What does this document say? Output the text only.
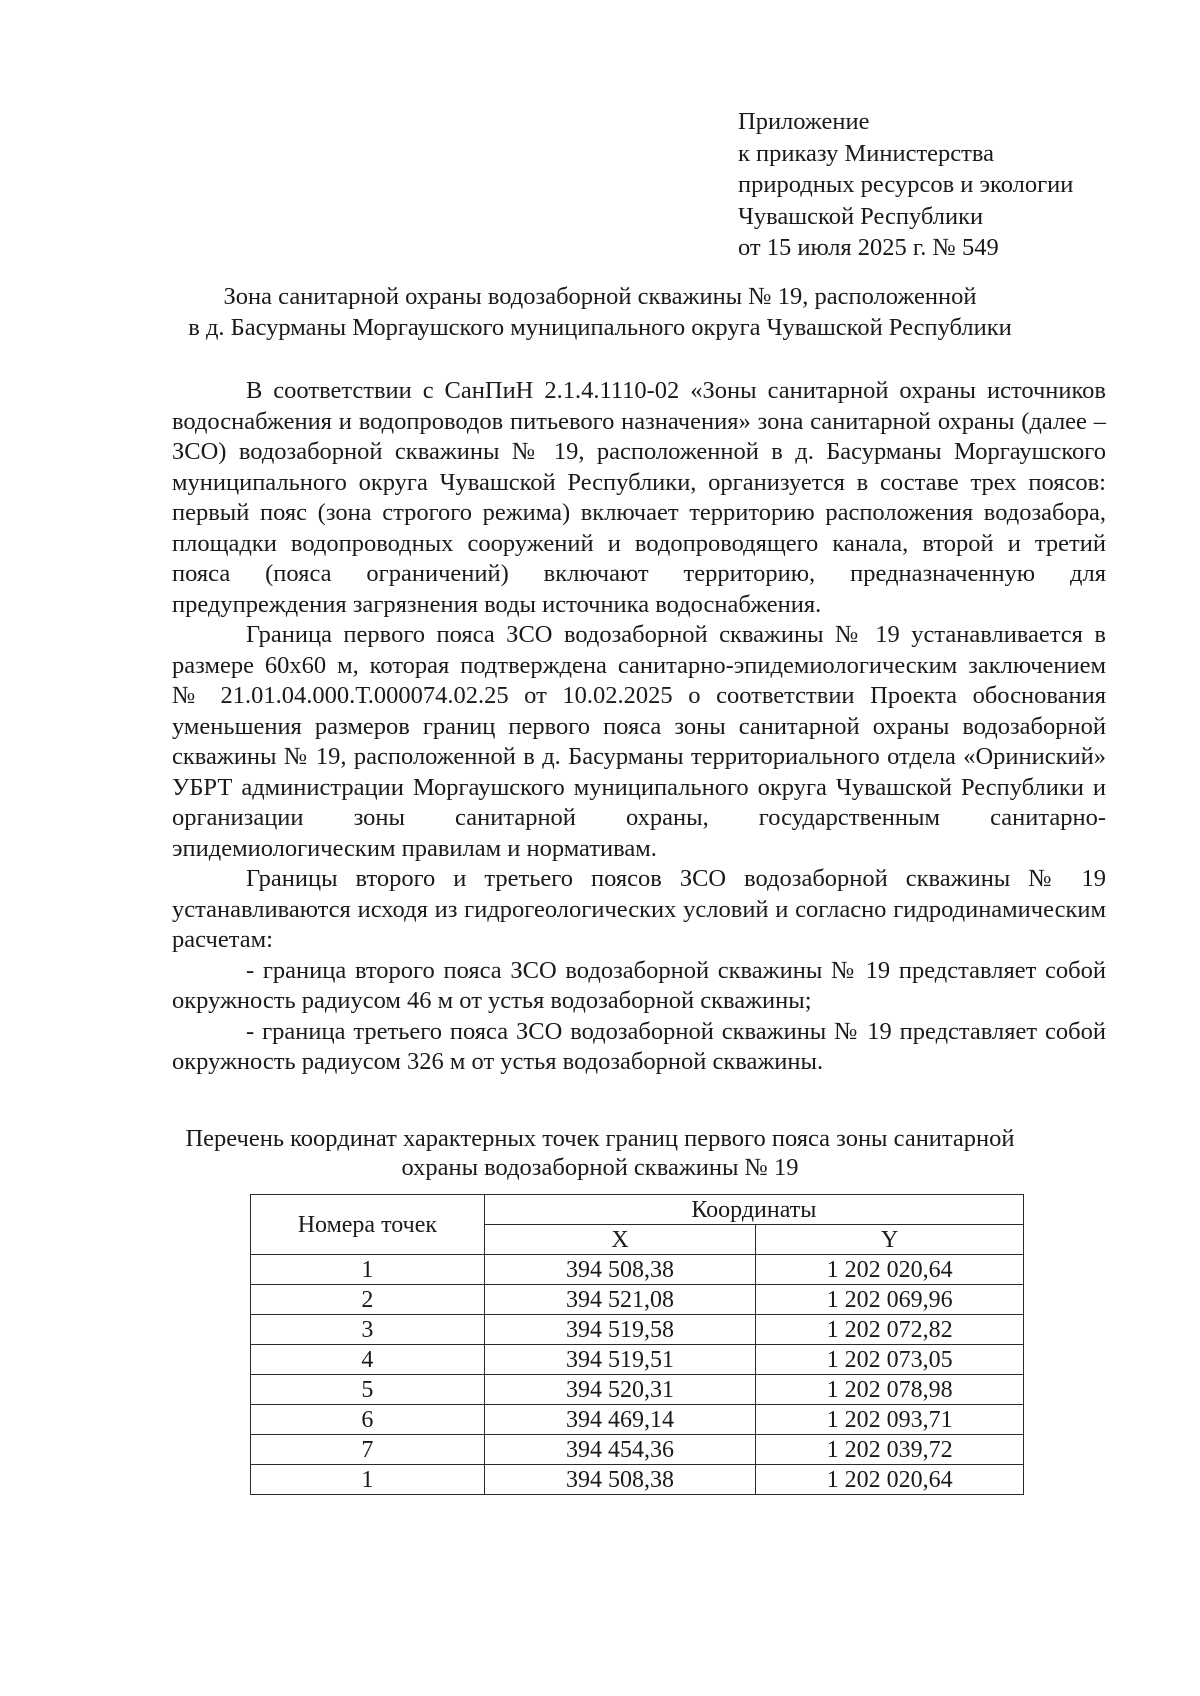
Приложение
к приказу Министерства
природных ресурсов и экологии
Чувашской Республики
от 15 июля 2025 г. № 549
Зона санитарной охраны водозаборной скважины № 19, расположенной
в д. Басурманы Моргаушского муниципального округа Чувашской Республики

В соответствии с СанПиН 2.1.4.1110-02 «Зоны санитарной охраны источников водоснабжения и водопроводов питьевого назначения» зона санитарной охраны (далее – ЗСО) водозаборной скважины № 19, расположенной в д. Басурманы Моргаушского муниципального округа Чувашской Республики, организуется в составе трех поясов: первый пояс (зона строгого режима) включает территорию расположения водозабора, площадки водопроводных сооружений и водопроводящего канала, второй и третий пояса (пояса ограничений) включают территорию, предназначенную для предупреждения загрязнения воды источника водоснабжения.

Граница первого пояса ЗСО водозаборной скважины № 19 устанавливается в размере 60х60 м, которая подтверждена санитарно-эпидемиологическим заключением № 21.01.04.000.Т.000074.02.25 от 10.02.2025 о соответствии Проекта обоснования уменьшения размеров границ первого пояса зоны санитарной охраны водозаборной скважины № 19, расположенной в д. Басурманы территориального отдела «Ориниский» УБРТ администрации Моргаушского муниципального округа Чувашской Республики и организации зоны санитарной охраны, государственным санитарно-эпидемиологическим правилам и нормативам.

Границы второго и третьего поясов ЗСО водозаборной скважины № 19 устанавливаются исходя из гидрогеологических условий и согласно гидродинамическим расчетам:

- граница второго пояса ЗСО водозаборной скважины № 19 представляет собой окружность радиусом 46 м от устья водозаборной скважины;

- граница третьего пояса ЗСО водозаборной скважины № 19 представляет собой окружность радиусом 326 м от устья водозаборной скважины.

Перечень координат характерных точек границ первого пояса зоны санитарной
охраны водозаборной скважины № 19
Номера точек	Координаты	
	X	Y
1	394 508,38	1 202 020,64
2	394 521,08	1 202 069,96
3	394 519,58	1 202 072,82
4	394 519,51	1 202 073,05
5	394 520,31	1 202 078,98
6	394 469,14	1 202 093,71
7	394 454,36	1 202 039,72
1	394 508,38	1 202 020,64
